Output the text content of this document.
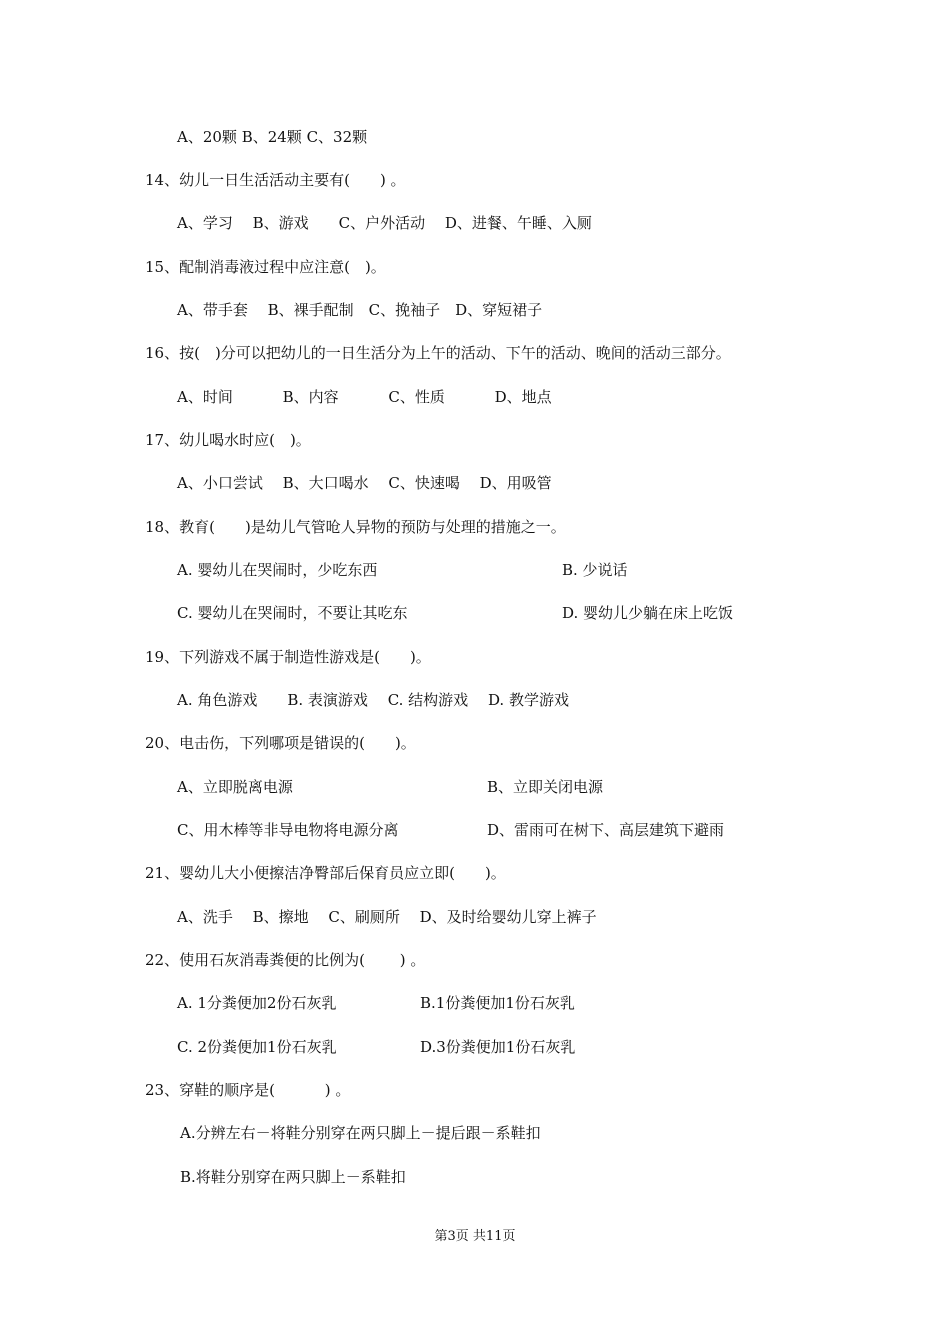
A、20颗 B、24颗 C、32颗
14、幼儿一日生活活动主要有(　　) 。
A、学习　 B、游戏　　C、户外活动　 D、进餐、午睡、入厕
15、配制消毒液过程中应注意(　)。
A、带手套　 B、裸手配制　C、挽袖子　D、穿短裙子
16、按(　)分可以把幼儿的一日生活分为上午的活动、下午的活动、晚间的活动三部分。
A、时间　　　 B、内容　　　 C、性质　　　 D、地点
17、幼儿喝水时应(　)。
A、小口尝试　 B、大口喝水　 C、快速喝　 D、用吸管
18、教育(　　)是幼儿气管呛人异物的预防与处理的措施之一。
A. 婴幼儿在哭闹时，少吃东西	B. 少说话
C. 婴幼儿在哭闹时，不要让其吃东	D. 婴幼儿少躺在床上吃饭
19、下列游戏不属于制造性游戏是(　　)。
A. 角色游戏　　B. 表演游戏　 C. 结构游戏　 D. 教学游戏
20、电击伤，下列哪项是错误的(　　)。
A、立即脱离电源	B、立即关闭电源
C、用木棒等非导电物将电源分离	D、雷雨可在树下、高层建筑下避雨
21、婴幼儿大小便擦洁净臀部后保育员应立即(　　)。
A、洗手　 B、擦地　 C、刷厕所　 D、及时给婴幼儿穿上裤子
22、使用石灰消毒粪便的比例为(　　 ) 。
A. 1分粪便加2份石灰乳	B.1份粪便加1份石灰乳
C. 2份粪便加1份石灰乳	D.3份粪便加1份石灰乳
23、穿鞋的顺序是(　　　 ) 。
A.分辨左右－将鞋分别穿在两只脚上－提后跟－系鞋扣
B.将鞋分别穿在两只脚上－系鞋扣
第3页 共11页
